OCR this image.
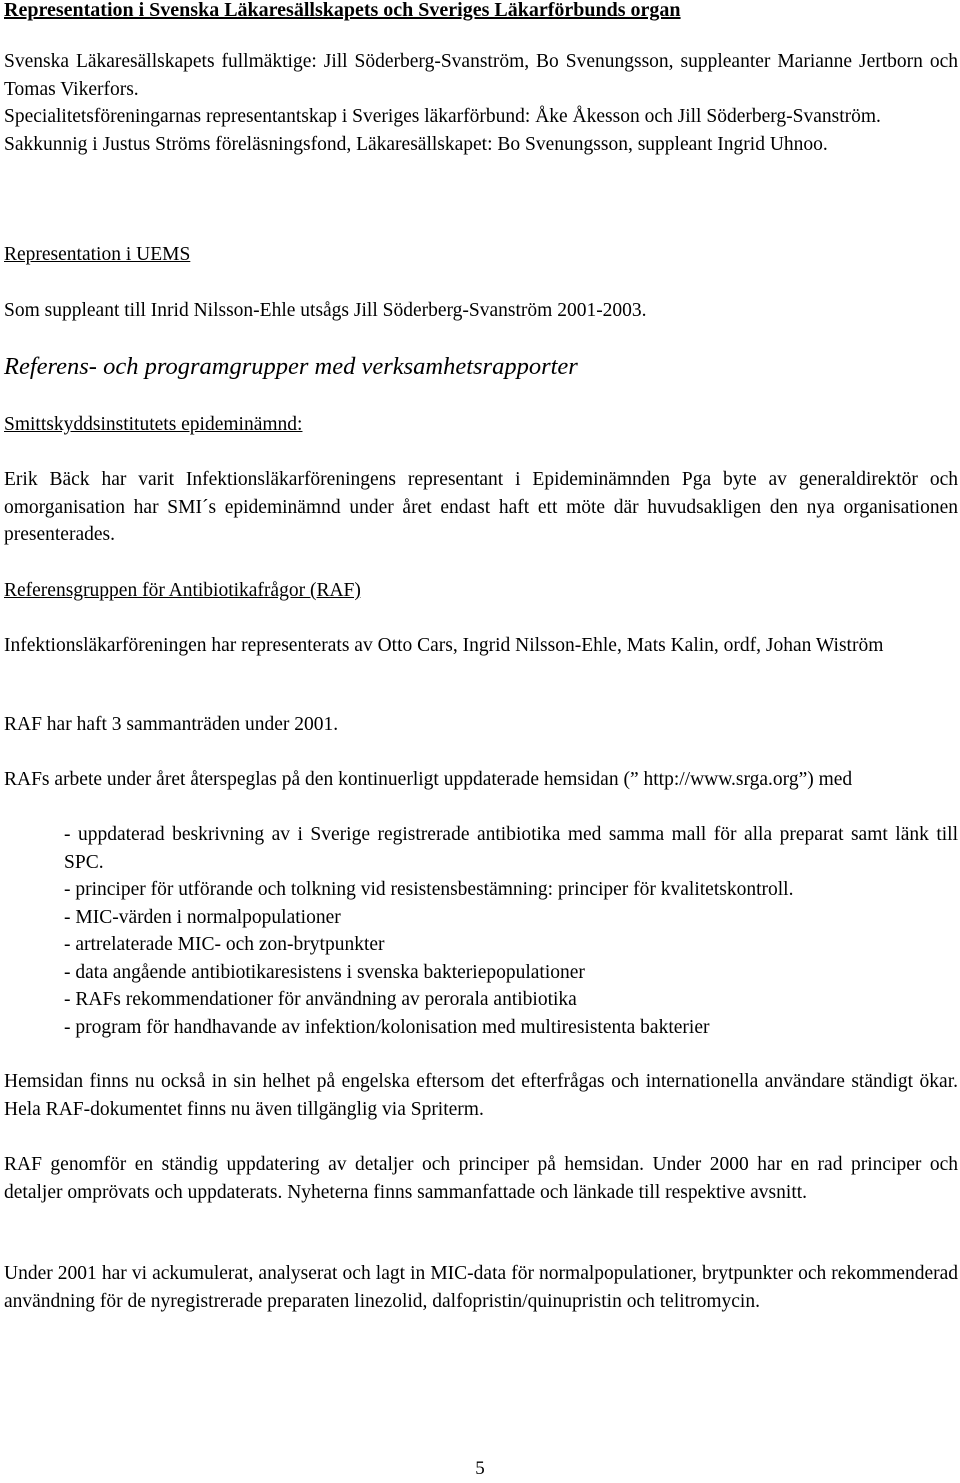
Representation i Svenska Läkaresällskapets och Sveriges Läkarförbunds organ

Svenska Läkaresällskapets fullmäktige: Jill Söderberg-Svanström, Bo Svenungsson, suppleanter Marianne Jertborn och Tomas Vikerfors.

Specialitetsföreningarnas representantskap i Sveriges läkarförbund: Åke Åkesson och Jill Söderberg-Svanström.

Sakkunnig i Justus Ströms föreläsningsfond, Läkaresällskapet: Bo Svenungsson, suppleant Ingrid Uhnoo.

Representation i UEMS

Som suppleant till Inrid Nilsson-Ehle utsågs Jill Söderberg-Svanström 2001-2003.

Referens- och programgrupper med verksamhetsrapporter

Smittskyddsinstitutets epideminämnd:

Erik Bäck har varit Infektionsläkarföreningens representant i Epideminämnden Pga byte av generaldirektör och omorganisation har SMI´s epideminämnd under året endast haft ett möte där huvudsakligen den nya organisationen presenterades.

Referensgruppen för Antibiotikafrågor (RAF)

Infektionsläkarföreningen har representerats av Otto Cars, Ingrid Nilsson-Ehle, Mats Kalin, ordf, Johan Wiström

RAF har haft 3 sammanträden under 2001.

RAFs arbete under året återspeglas på den kontinuerligt uppdaterade hemsidan (” http://www.srga.org”) med

- uppdaterad beskrivning av i Sverige registrerade antibiotika med samma mall för alla preparat samt länk till SPC.
- principer för utförande och tolkning vid resistensbestämning: principer för kvalitetskontroll.
- MIC-värden i normalpopulationer
- artrelaterade MIC- och zon-brytpunkter
- data angående antibiotikaresistens i svenska bakteriepopulationer
- RAFs rekommendationer för användning av perorala antibiotika
- program för handhavande av infektion/kolonisation med multiresistenta bakterier

Hemsidan finns nu också in sin helhet på engelska eftersom det efterfrågas och internationella användare ständigt ökar. Hela RAF-dokumentet finns nu även tillgänglig via Spriterm.

RAF genomför en ständig uppdatering av detaljer och principer på hemsidan. Under 2000 har en rad principer och detaljer omprövats och uppdaterats. Nyheterna finns sammanfattade och länkade till respektive avsnitt.

Under 2001 har vi ackumulerat, analyserat och lagt in MIC-data för normalpopulationer, brytpunkter och rekommenderad användning för de nyregistrerade preparaten linezolid, dalfopristin/quinupristin och telitromycin.

5
